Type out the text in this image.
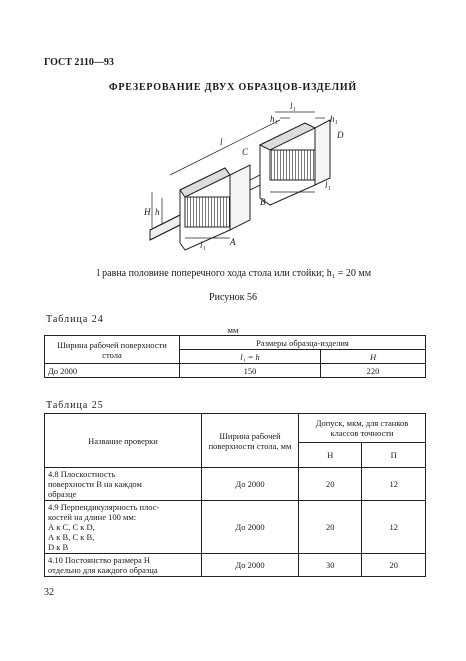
ГОСТ 2110—93
ФРЕЗЕРОВАНИЕ ДВУХ ОБРАЗЦОВ-ИЗДЕЛИЙ
l
l₁
h₁	h₁
D
C
H h
l₁
l₁
B
A
l равна половине поперечного хода стола или стойки; h₁ = 20 мм
Рисунок 56
Таблица 24
мм
Ширина рабочей поверхности стола	Размеры образца-изделия	
	l₁ = h	H
До 2000	150	220
Таблица 25
Название проверки	Ширина рабочей поверхности стола, мм	Допуск, мкм, для станков классов точности	
		Н	П

4.8 Плоскостность
поверхности В на каждом
образце	До 2000	20	12

4.9 Перпендикулярность плос-
костей на длине 100 мм:
А к С, С к D,
А к В, С к В,
D к В	До 2000	20	12

4.10 Постоянство размера H
отдельно для каждого образца	До 2000	30	20
32
